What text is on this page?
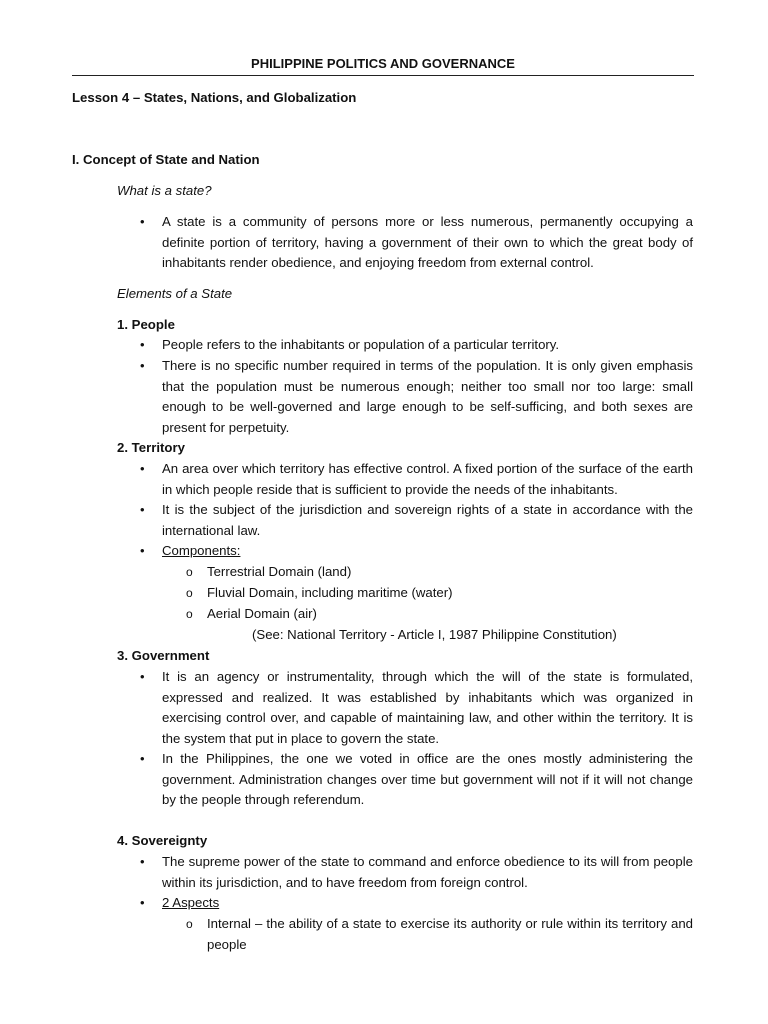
PHILIPPINE POLITICS AND GOVERNANCE
Lesson 4 – States, Nations, and Globalization
I. Concept of State and Nation
What is a state?
• A state is a community of persons more or less numerous, permanently occupying a definite portion of territory, having a government of their own to which the great body of inhabitants render obedience, and enjoying freedom from external control.
Elements of a State
1. People
• People refers to the inhabitants or population of a particular territory.
• There is no specific number required in terms of the population. It is only given emphasis that the population must be numerous enough; neither too small nor too large: small enough to be well-governed and large enough to be self-sufficing, and both sexes are present for perpetuity.
2. Territory
• An area over which territory has effective control. A fixed portion of the surface of the earth in which people reside that is sufficient to provide the needs of the inhabitants.
• It is the subject of the jurisdiction and sovereign rights of a state in accordance with the international law.
• Components:
o Terrestrial Domain (land)
o Fluvial Domain, including maritime (water)
o Aerial Domain (air)
(See: National Territory - Article I, 1987 Philippine Constitution)
3. Government
• It is an agency or instrumentality, through which the will of the state is formulated, expressed and realized. It was established by inhabitants which was organized in exercising control over, and capable of maintaining law, and other within the territory. It is the system that put in place to govern the state.
• In the Philippines, the one we voted in office are the ones mostly administering the government. Administration changes over time but government will not if it will not change by the people through referendum.
4. Sovereignty
• The supreme power of the state to command and enforce obedience to its will from people within its jurisdiction, and to have freedom from foreign control.
• 2 Aspects
o Internal – the ability of a state to exercise its authority or rule within its territory and people
